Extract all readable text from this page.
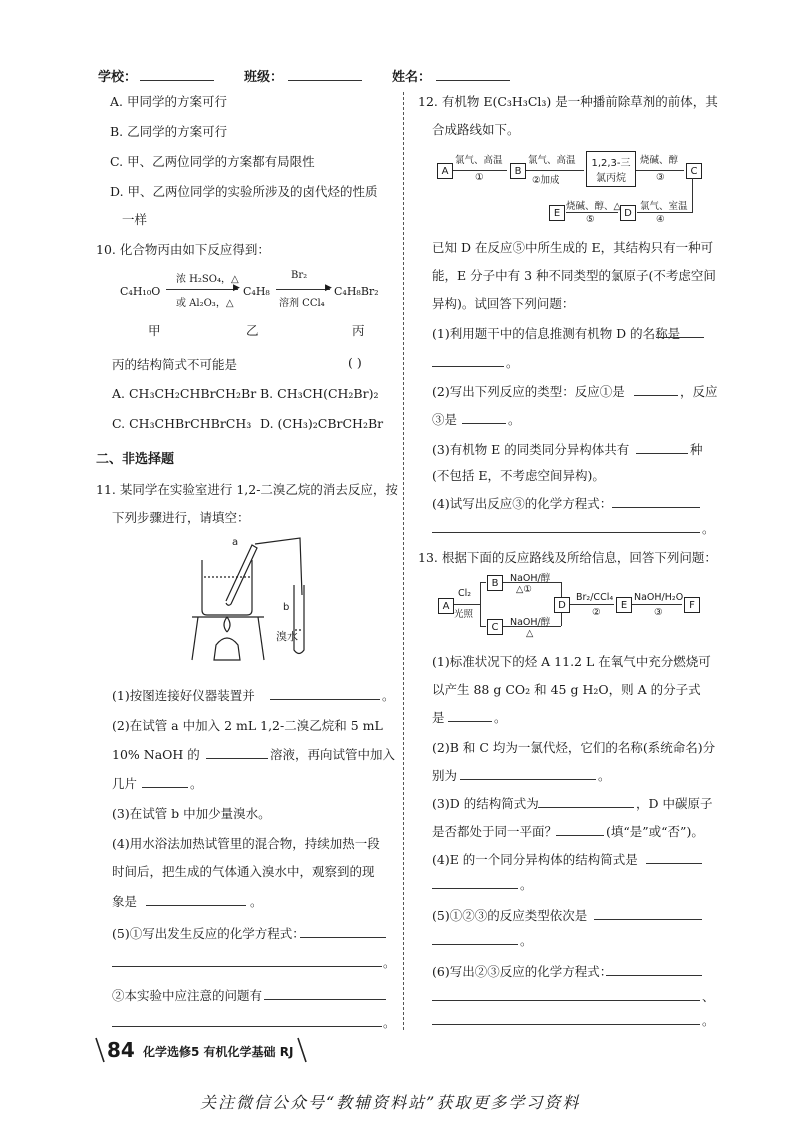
学校：	班级：	姓名：
A. 甲同学的方案可行
B. 乙同学的方案可行
C. 甲、乙两位同学的方案都有局限性
D. 甲、乙两位同学的实验所涉及的卤代烃的性质
一样
10. 化合物丙由如下反应得到：
C₄H₁₀O
浓 H₂SO₄，△
▶
或 Al₂O₃，△
C₄H₈
Br₂
▶
溶剂 CCl₄
C₄H₈Br₂
甲	乙	丙
丙的结构简式不可能是	( )
A. CH₃CH₂CHBrCH₂Br B. CH₃CH(CH₂Br)₂
C. CH₃CHBrCHBrCH₃ D. (CH₃)₂CBrCH₂Br
二、非选择题
11. 某同学在实验室进行 1,2-二溴乙烷的消去反应，按
下列步骤进行，请填空：
a
b
溴水
(1)按图连接好仪器装置并	。
(2)在试管 a 中加入 2 mL 1,2-二溴乙烷和 5 mL
10% NaOH 的	溶液，再向试管中加入
几片	。
(3)在试管 b 中加少量溴水。
(4)用水浴法加热试管里的混合物，持续加热一段
时间后，把生成的气体通入溴水中，观察到的现
象是	。
(5)①写出发生反应的化学方程式：
。
②本实验中应注意的问题有
。
12. 有机物 E(C₃H₃Cl₃) 是一种播前除草剂的前体，其
合成路线如下。
A
氯气、高温
①
B
氯气、高温
②加成
1,2,3-三
氯丙烷
烧碱、醇
③
C
氯气、室温
④
D
烧碱、醇、△
⑤
E
已知 D 在反应⑤中所生成的 E，其结构只有一种可
能，E 分子中有 3 种不同类型的氯原子(不考虑空间
异构)。试回答下列问题：
(1)利用题干中的信息推测有机物 D 的名称是
。
(2)写出下列反应的类型：反应①是	，反应
③是	。
(3)有机物 E 的同类同分异构体共有	种
(不包括 E，不考虑空间异构)。
(4)试写出反应③的化学方程式：
。
13. 根据下面的反应路线及所给信息，回答下列问题：
A
Cl₂
光照
B
C
NaOH/醇
△①
NaOH/醇
△
D
Br₂/CCl₄
②
E
NaOH/H₂O
③
F
(1)标准状况下的烃 A 11.2 L 在氧气中充分燃烧可
以产生 88 g CO₂ 和 45 g H₂O，则 A 的分子式
是	。
(2)B 和 C 均为一氯代烃，它们的名称(系统命名)分
别为	。
(3)D 的结构简式为	，D 中碳原子
是否都处于同一平面？	(填“是”或“否”)。
(4)E 的一个同分异构体的结构简式是
。
(5)①②③的反应类型依次是
。
(6)写出②③反应的化学方程式：
、
。
84 化学选修5 有机化学基础 RJ
关注微信公众号“教辅资料站”获取更多学习资料
